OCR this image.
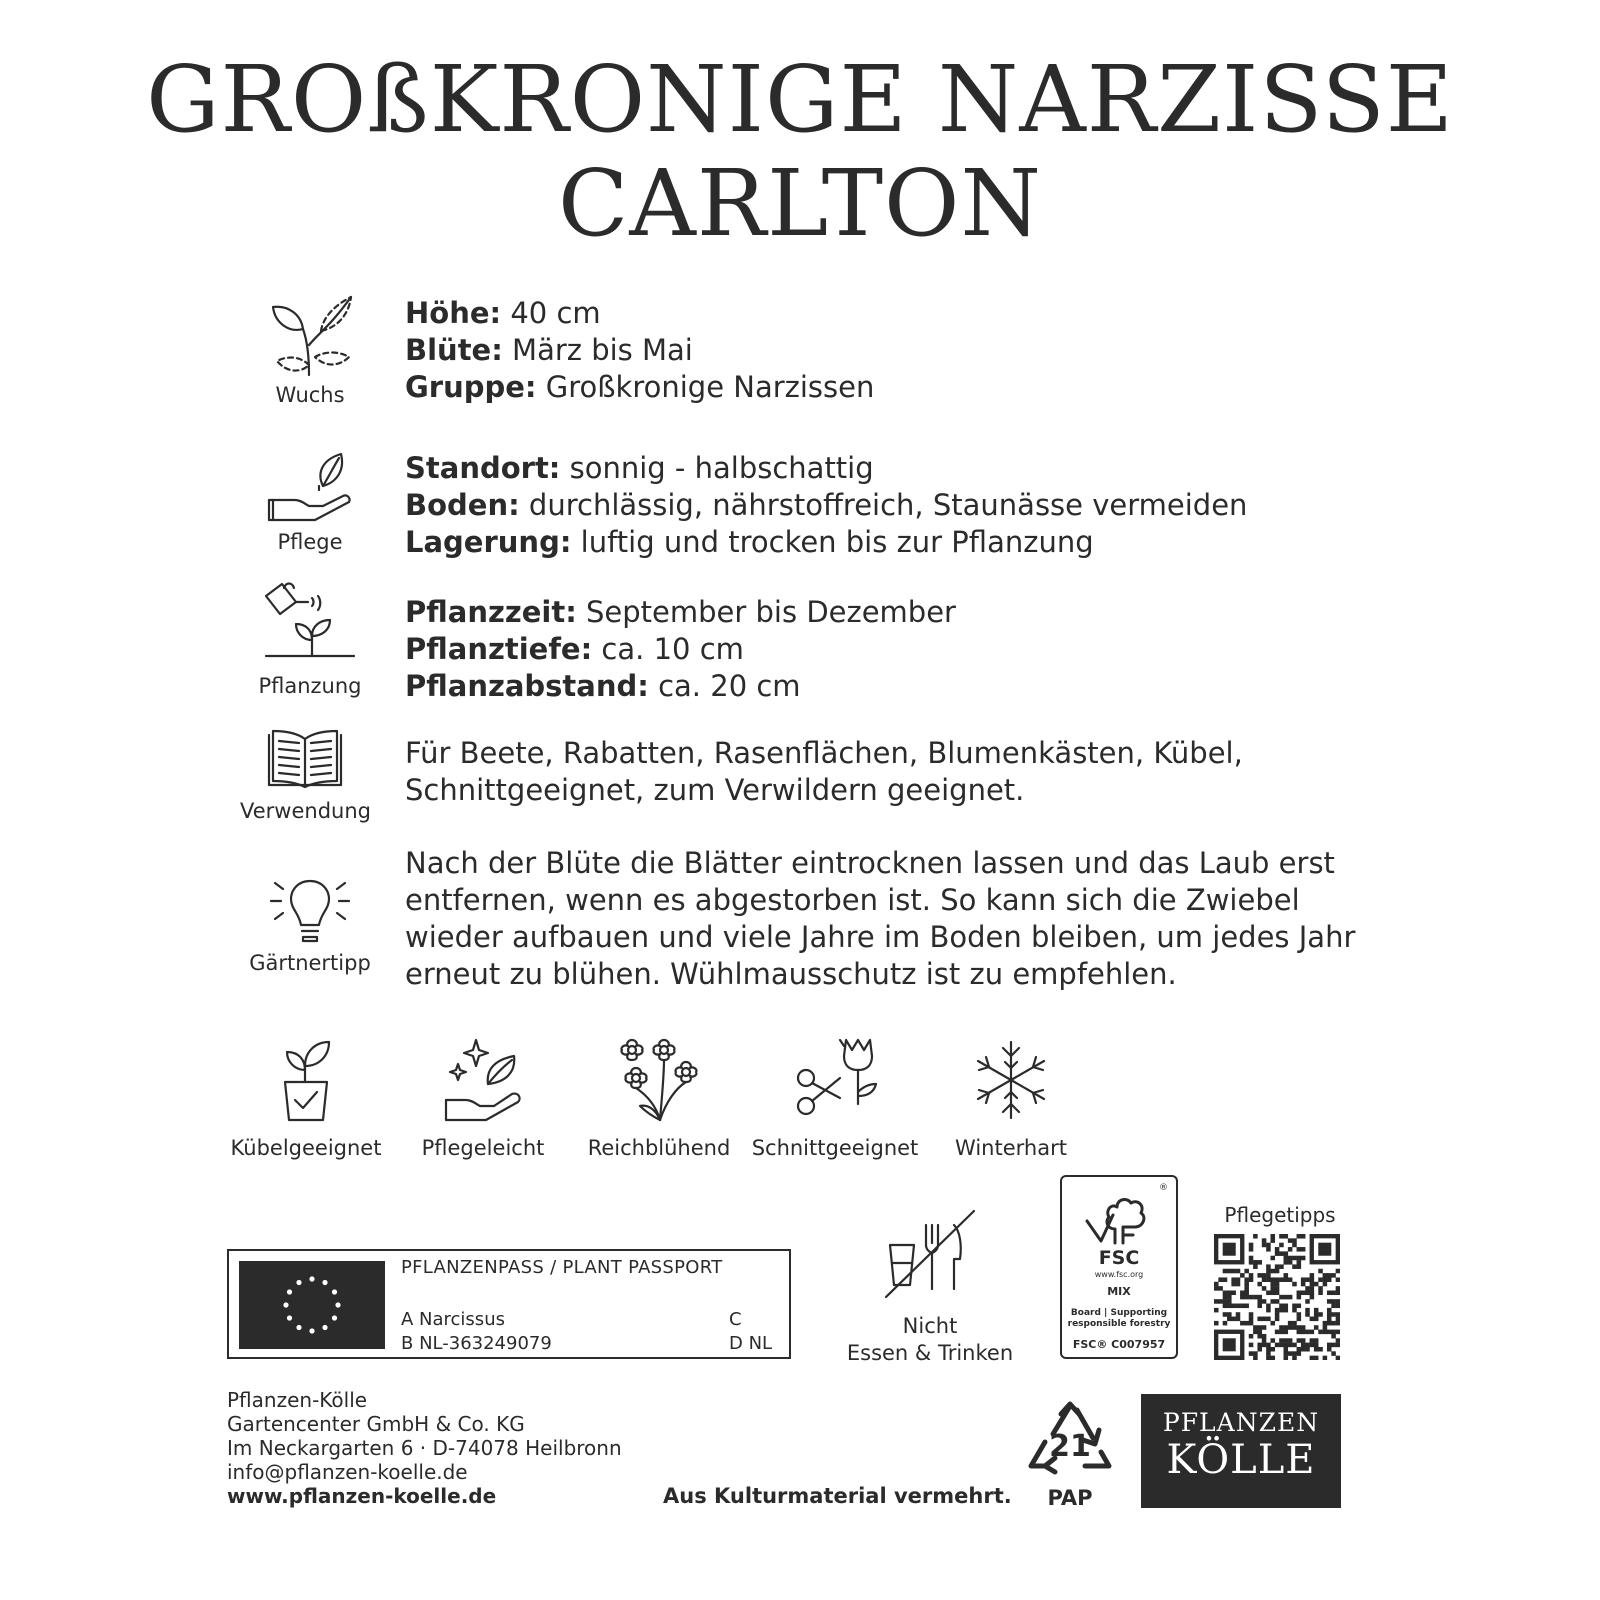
GROßKRONIGE NARZISSE
CARLTON
Wuchs
Höhe: 40 cm
Blüte: März bis Mai
Gruppe: Großkronige Narzissen
Pflege
Standort: sonnig - halbschattig
Boden: durchlässig, nährstoffreich, Staunässe vermeiden
Lagerung: luftig und trocken bis zur Pflanzung
Pflanzung
Pflanzzeit: September bis Dezember
Pflanztiefe: ca. 10 cm
Pflanzabstand: ca. 20 cm
Verwendung
Für Beete, Rabatten, Rasenflächen, Blumenkästen, Kübel,
Schnittgeeignet, zum Verwildern geeignet.
Gärtnertipp
Nach der Blüte die Blätter eintrocknen lassen und das Laub erst
entfernen, wenn es abgestorben ist. So kann sich die Zwiebel
wieder aufbauen und viele Jahre im Boden bleiben, um jedes Jahr
erneut zu blühen. Wühlmausschutz ist zu empfehlen.
Kübelgeeignet	Pflegeleicht	Reichblühend	Schnittgeeignet	Winterhart
PFLANZENPASS / PLANT PASSPORT
A Narcissus
B NL-363249079
C
D NL
Nicht
Essen & Trinken
®
FSC
www.fsc.org
MIX
Board | Supporting
responsible forestry
FSC® C007957
Pflegetipps
Pflanzen-Kölle
Gartencenter GmbH & Co. KG
Im Neckargarten 6 · D-74078 Heilbronn
info@pflanzen-koelle.de
www.pflanzen-koelle.de	Aus Kulturmaterial vermehrt.
21
PAP
PFLANZEN
KÖLLE
